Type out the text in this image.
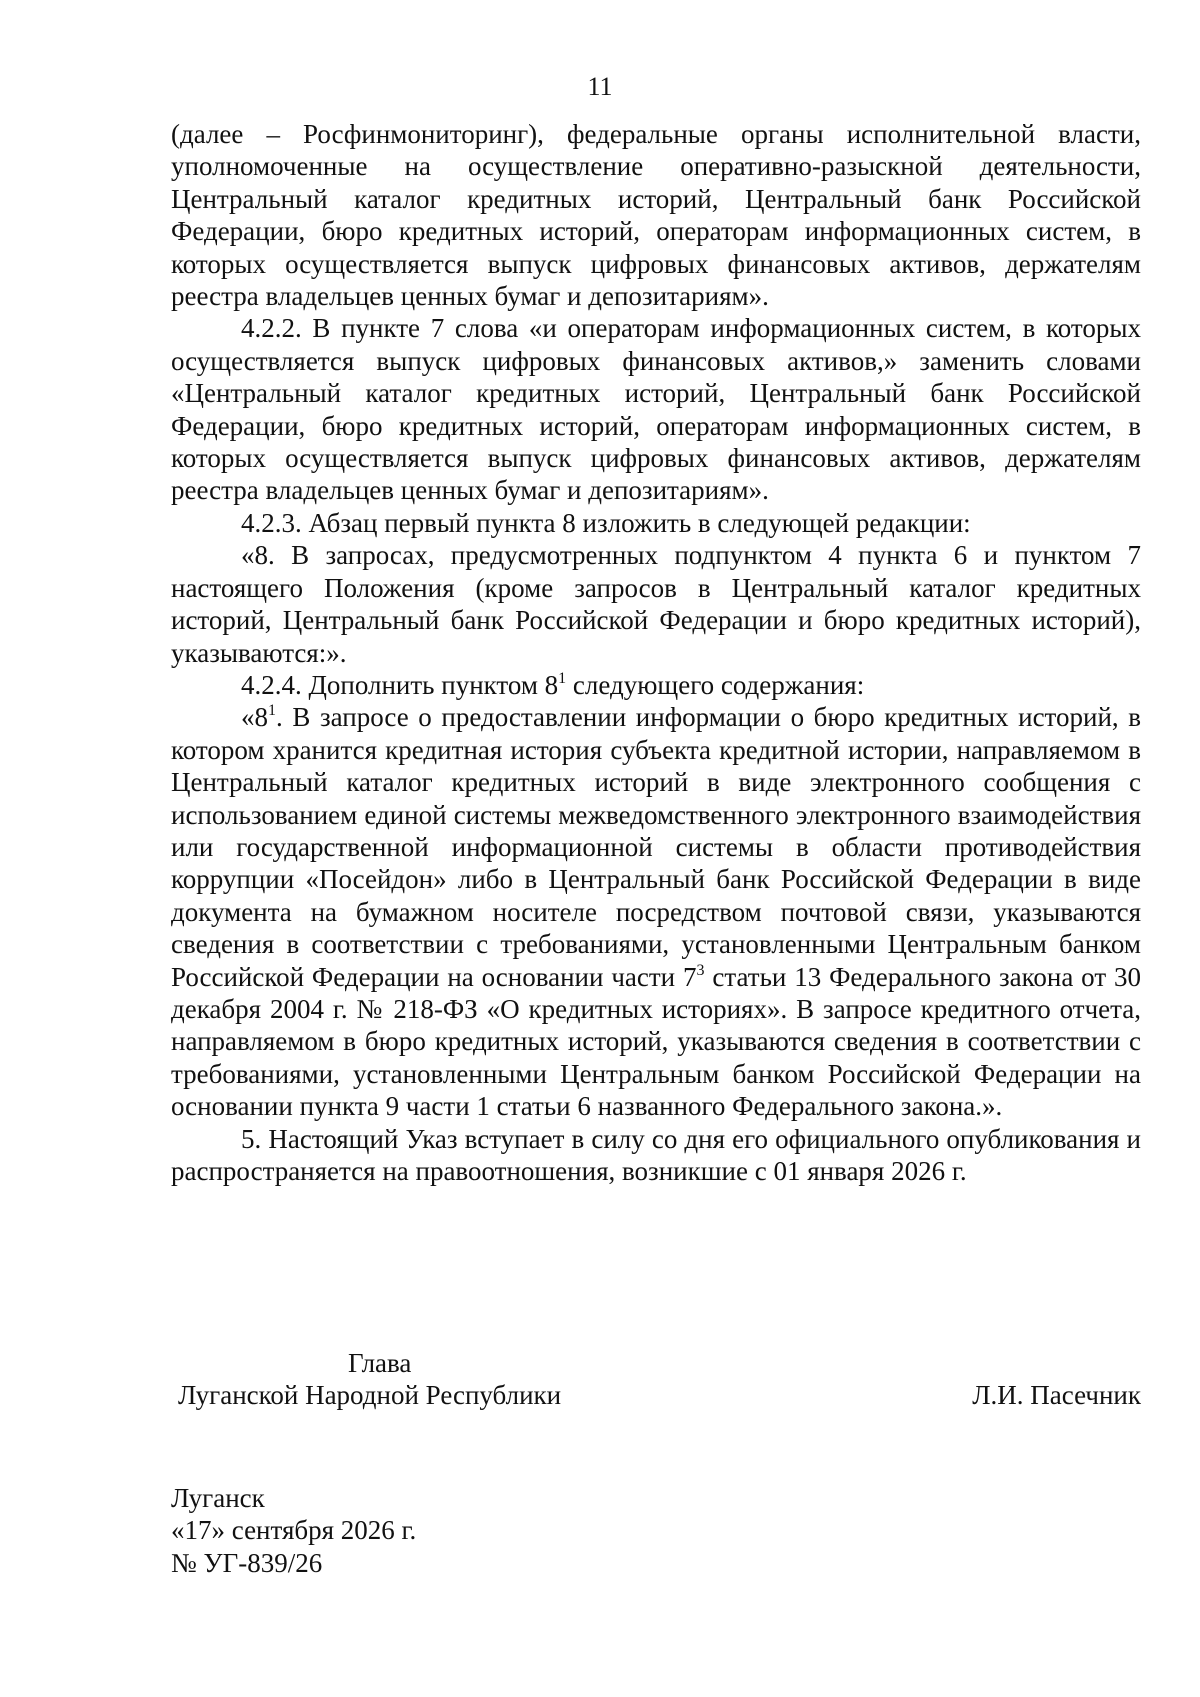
11

(далее – Росфинмониторинг), федеральные органы исполнительной власти, уполномоченные на осуществление оперативно-разыскной деятельности, Центральный каталог кредитных историй, Центральный банк Российской Федерации, бюро кредитных историй, операторам информационных систем, в которых осуществляется выпуск цифровых финансовых активов, держателям реестра владельцев ценных бумаг и депозитариям».

4.2.2. В пункте 7 слова «и операторам информационных систем, в которых осуществляется выпуск цифровых финансовых активов,» заменить словами «Центральный каталог кредитных историй, Центральный банк Российской Федерации, бюро кредитных историй, операторам информационных систем, в которых осуществляется выпуск цифровых финансовых активов, держателям реестра владельцев ценных бумаг и депозитариям».

4.2.3. Абзац первый пункта 8 изложить в следующей редакции:

«8. В запросах, предусмотренных подпунктом 4 пункта 6 и пунктом 7 настоящего Положения (кроме запросов в Центральный каталог кредитных историй, Центральный банк Российской Федерации и бюро кредитных историй), указываются:».

4.2.4. Дополнить пунктом $8^1$ следующего содержания:

«$8^1$. В запросе о предоставлении информации о бюро кредитных историй, в котором хранится кредитная история субъекта кредитной истории, направляемом в Центральный каталог кредитных историй в виде электронного сообщения с использованием единой системы межведомственного электронного взаимодействия или государственной информационной системы в области противодействия коррупции «Посейдон» либо в Центральный банк Российской Федерации в виде документа на бумажном носителе посредством почтовой связи, указываются сведения в соответствии с требованиями, установленными Центральным банком Российской Федерации на основании части $7^3$ статьи 13 Федерального закона от 30 декабря 2004 г. № 218-ФЗ «О кредитных историях». В запросе кредитного отчета, направляемом в бюро кредитных историй, указываются сведения в соответствии с требованиями, установленными Центральным банком Российской Федерации на основании пункта 9 части 1 статьи 6 названного Федерального закона.».

5. Настоящий Указ вступает в силу со дня его официального опубликования и распространяется на правоотношения, возникшие с 01 января 2026 г.

Глава
Луганской Народной Республики	Л.И. Пасечник
Луганск
«17» сентября 2026 г.
№ УГ-839/26
